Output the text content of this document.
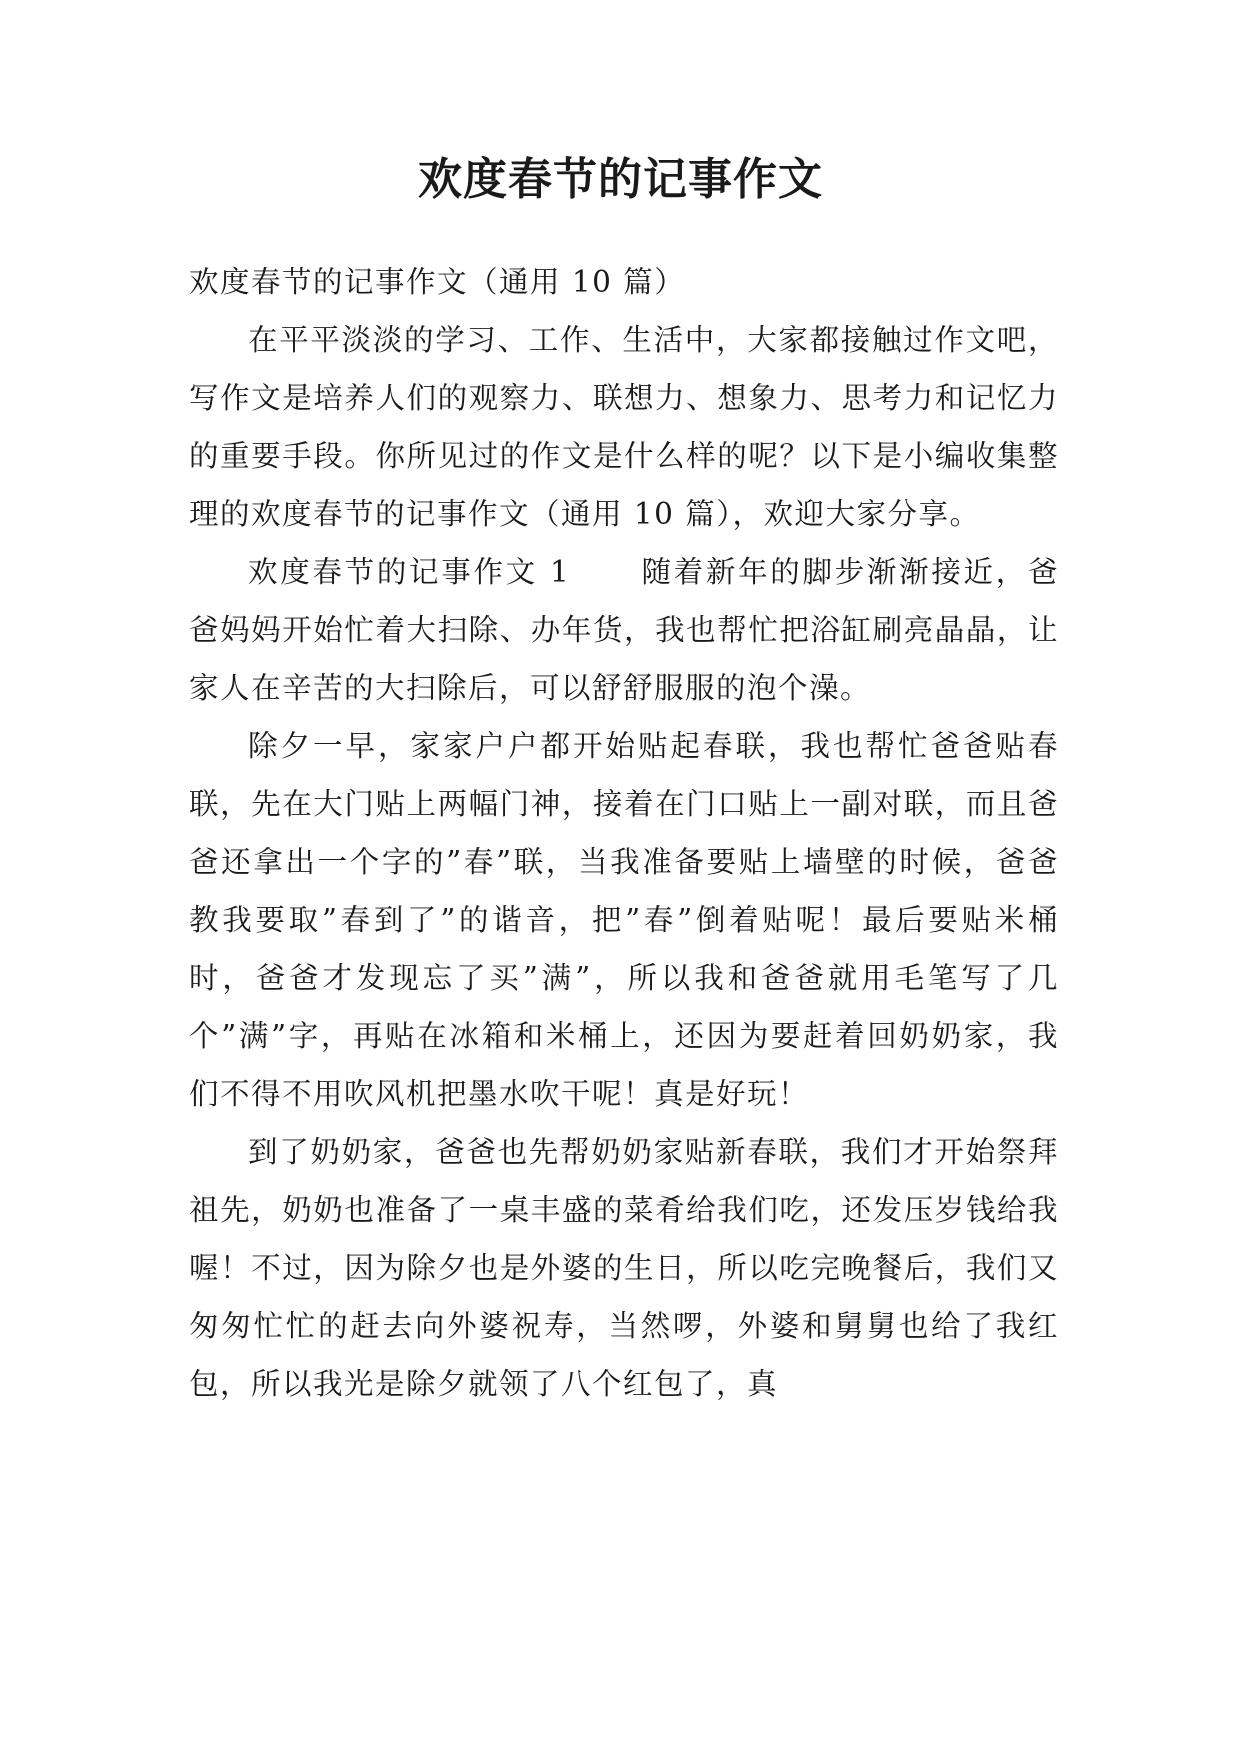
欢度春节的记事作文

欢度春节的记事作文（通用 10 篇）

在平平淡淡的学习、工作、生活中，大家都接触过作文吧，写作文是培养人们的观察力、联想力、想象力、思考力和记忆力的重要手段。你所见过的作文是什么样的呢？以下是小编收集整理的欢度春节的记事作文（通用 10 篇），欢迎大家分享。

欢度春节的记事作文 1 随着新年的脚步渐渐接近，爸爸妈妈开始忙着大扫除、办年货，我也帮忙把浴缸刷亮晶晶，让家人在辛苦的大扫除后，可以舒舒服服的泡个澡。

除夕一早，家家户户都开始贴起春联，我也帮忙爸爸贴春联，先在大门贴上两幅门神，接着在门口贴上一副对联，而且爸爸还拿出一个字的”春”联，当我准备要贴上墙壁的时候，爸爸教我要取”春到了”的谐音，把”春”倒着贴呢！最后要贴米桶时，爸爸才发现忘了买”满”，所以我和爸爸就用毛笔写了几个”满”字，再贴在冰箱和米桶上，还因为要赶着回奶奶家，我们不得不用吹风机把墨水吹干呢！真是好玩！

到了奶奶家，爸爸也先帮奶奶家贴新春联，我们才开始祭拜祖先，奶奶也准备了一桌丰盛的菜肴给我们吃，还发压岁钱给我喔！不过，因为除夕也是外婆的生日，所以吃完晚餐后，我们又匆匆忙忙的赶去向外婆祝寿，当然啰，外婆和舅舅也给了我红包，所以我光是除夕就领了八个红包了，真
